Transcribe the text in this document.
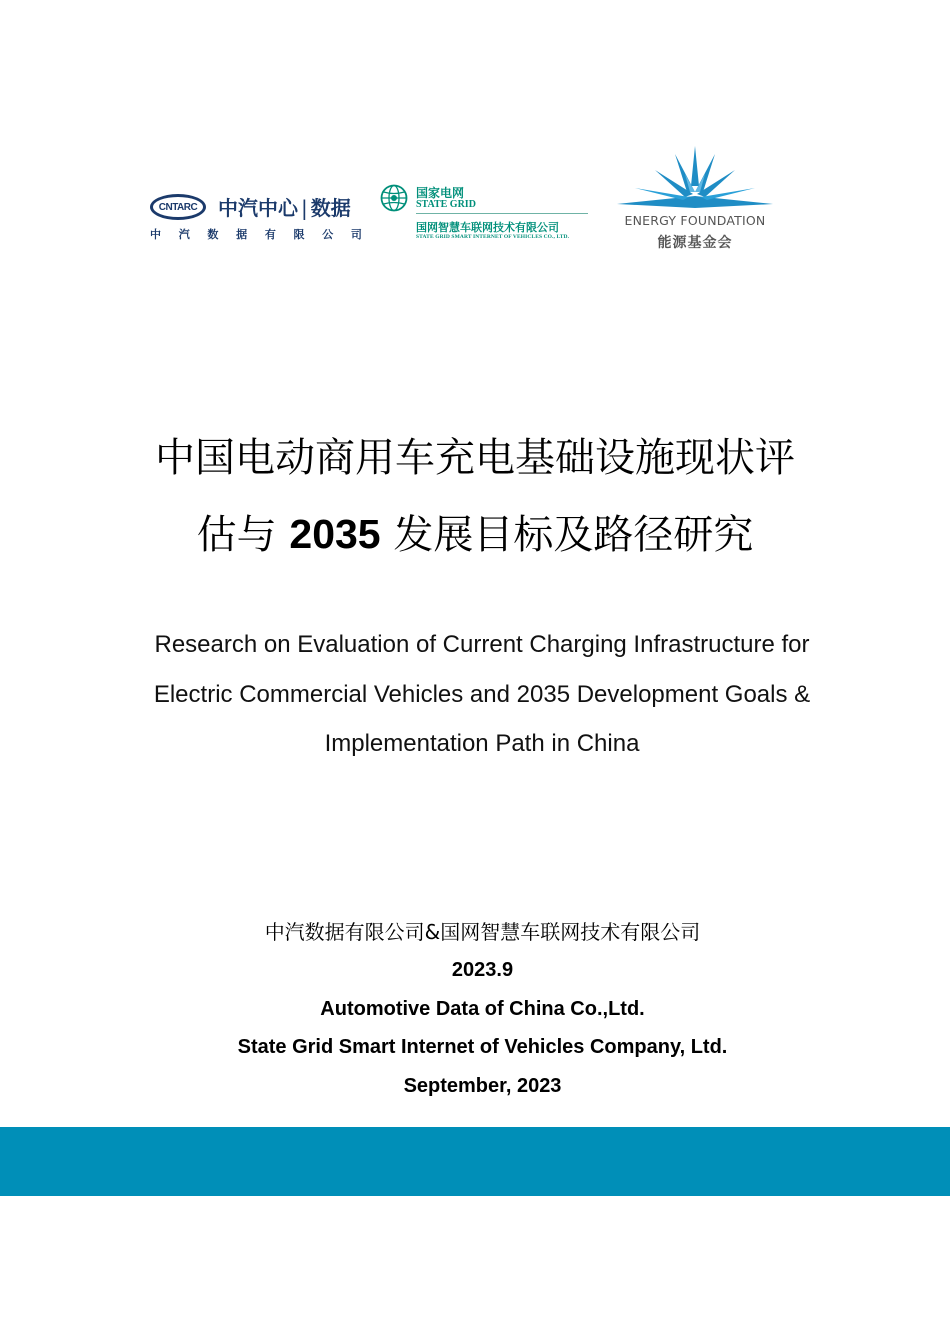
CNTARC 中汽中心 | 数据
中 汽 数 据 有 限 公 司
国家电网
STATE GRID
国网智慧车联网技术有限公司
STATE GRID SMART INTERNET OF VEHICLES CO., LTD.
ENERGY FOUNDATION
能源基金会
中国电动商用车充电基础设施现状评
估与 2035 发展目标及路径研究
Research on Evaluation of Current Charging Infrastructure for
Electric Commercial Vehicles and 2035 Development Goals &
Implementation Path in China
中汽数据有限公司&国网智慧车联网技术有限公司
2023.9
Automotive Data of China Co.,Ltd.
State Grid Smart Internet of Vehicles Company, Ltd.
September, 2023
